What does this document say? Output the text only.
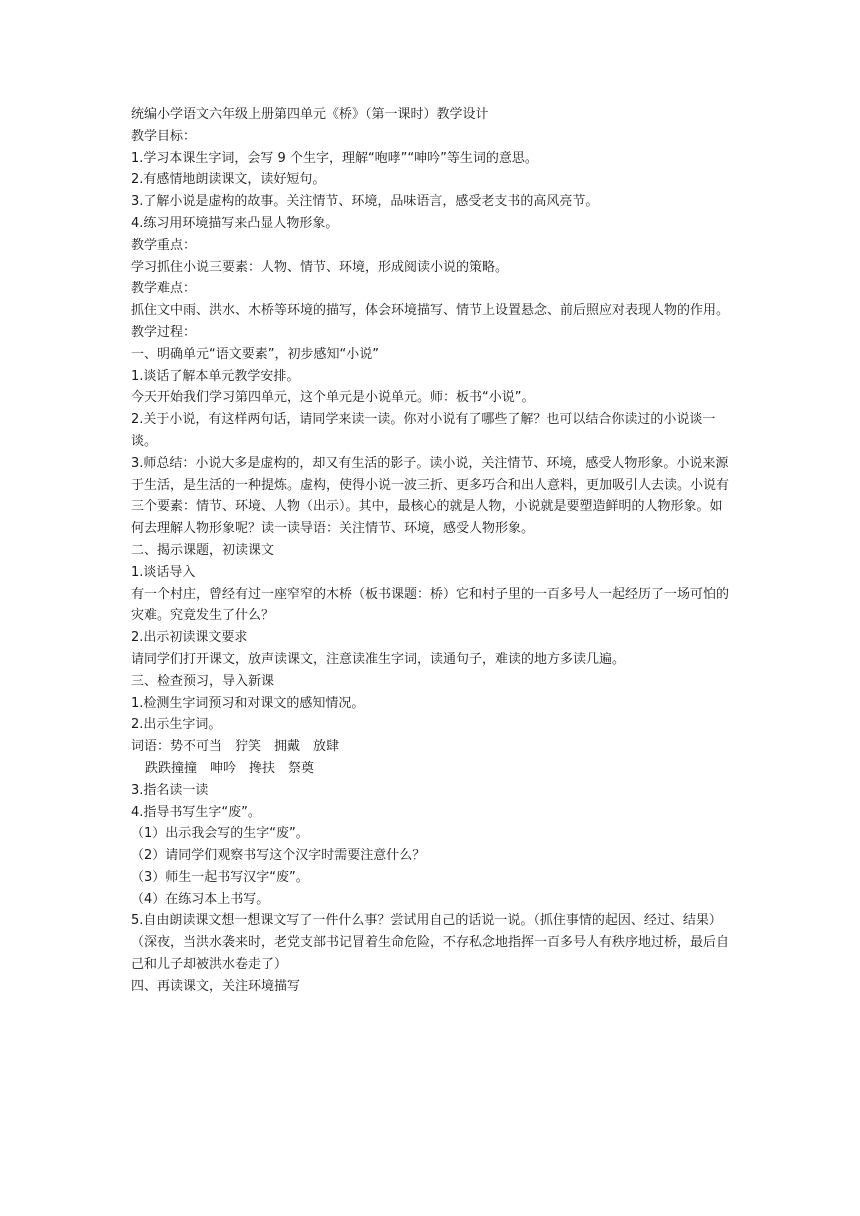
统编小学语文六年级上册第四单元《桥》（第一课时）教学设计

教学目标：

1.学习本课生字词，会写 9 个生字，理解“咆哮”“呻吟”等生词的意思。

2.有感情地朗读课文，读好短句。

3.了解小说是虚构的故事。关注情节、环境，品味语言，感受老支书的高风亮节。

4.练习用环境描写来凸显人物形象。

教学重点：

学习抓住小说三要素：人物、情节、环境，形成阅读小说的策略。

教学难点：

抓住文中雨、洪水、木桥等环境的描写，体会环境描写、情节上设置悬念、前后照应对表现人物的作用。

教学过程：

一、明确单元“语文要素”，初步感知“小说”

1.谈话了解本单元教学安排。

今天开始我们学习第四单元，这个单元是小说单元。师：板书“小说”。

2.关于小说，有这样两句话，请同学来读一读。你对小说有了哪些了解？也可以结合你读过的小说谈一谈。

3.师总结：小说大多是虚构的，却又有生活的影子。读小说，关注情节、环境，感受人物形象。小说来源于生活，是生活的一种提炼。虚构，使得小说一波三折、更多巧合和出人意料，更加吸引人去读。小说有三个要素：情节、环境、人物（出示）。其中，最核心的就是人物，小说就是要塑造鲜明的人物形象。如何去理解人物形象呢？读一读导语：关注情节、环境，感受人物形象。

二、揭示课题，初读课文

1.谈话导入

有一个村庄，曾经有过一座窄窄的木桥（板书课题：桥）它和村子里的一百多号人一起经历了一场可怕的灾难。究竟发生了什么？

2.出示初读课文要求

请同学们打开课文，放声读课文，注意读准生字词，读通句子，难读的地方多读几遍。

三、检查预习，导入新课

1.检测生字词预习和对课文的感知情况。

2.出示生字词。

词语：势不可当　狞笑　拥戴　放肆

跌跌撞撞　呻吟　搀扶　祭奠

3.指名读一读

4.指导书写生字“废”。

（1）出示我会写的生字“废”。

（2）请同学们观察书写这个汉字时需要注意什么？

（3）师生一起书写汉字“废”。

（4）在练习本上书写。

5.自由朗读课文想一想课文写了一件什么事？尝试用自己的话说一说。（抓住事情的起因、经过、结果）

（深夜，当洪水袭来时，老党支部书记冒着生命危险，不存私念地指挥一百多号人有秩序地过桥，最后自己和儿子却被洪水卷走了）

四、再读课文，关注环境描写
